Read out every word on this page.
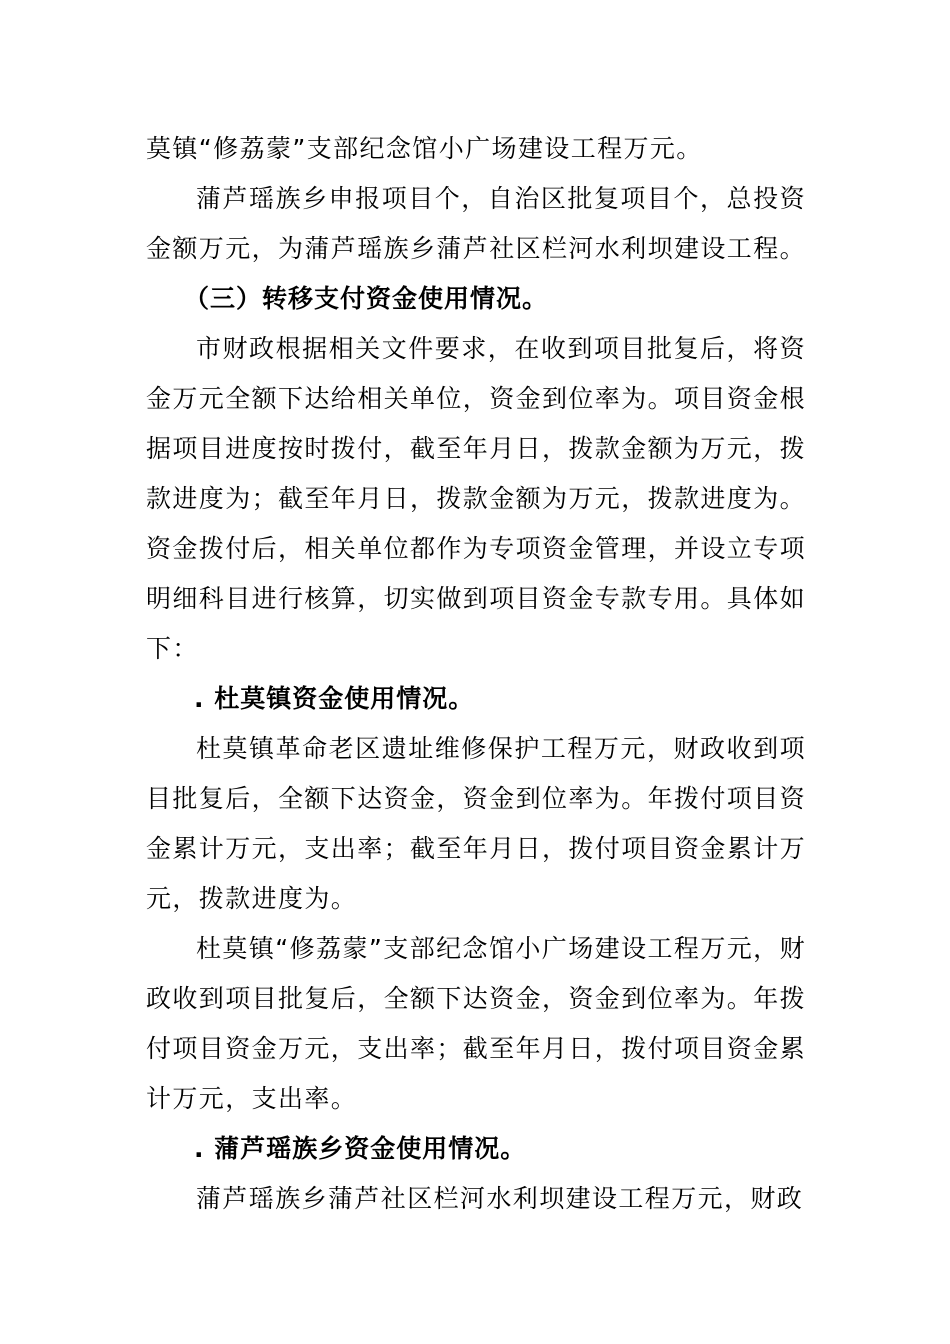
莫镇“修荔蒙”支部纪念馆小广场建设工程万元。

蒲芦瑶族乡申报项目个，自治区批复项目个，总投资金额万元，为蒲芦瑶族乡蒲芦社区栏河水利坝建设工程。

（三）转移支付资金使用情况。

市财政根据相关文件要求，在收到项目批复后，将资金万元全额下达给相关单位，资金到位率为。项目资金根据项目进度按时拨付，截至年月日，拨款金额为万元，拨款进度为；截至年月日，拨款金额为万元，拨款进度为。资金拨付后，相关单位都作为专项资金管理，并设立专项明细科目进行核算，切实做到项目资金专款专用。具体如下：

. 杜莫镇资金使用情况。

杜莫镇革命老区遗址维修保护工程万元，财政收到项目批复后，全额下达资金，资金到位率为。年拨付项目资金累计万元，支出率；截至年月日，拨付项目资金累计万元，拨款进度为。

杜莫镇“修荔蒙”支部纪念馆小广场建设工程万元，财政收到项目批复后，全额下达资金，资金到位率为。年拨付项目资金万元，支出率；截至年月日，拨付项目资金累计万元，支出率。

. 蒲芦瑶族乡资金使用情况。

蒲芦瑶族乡蒲芦社区栏河水利坝建设工程万元，财政
